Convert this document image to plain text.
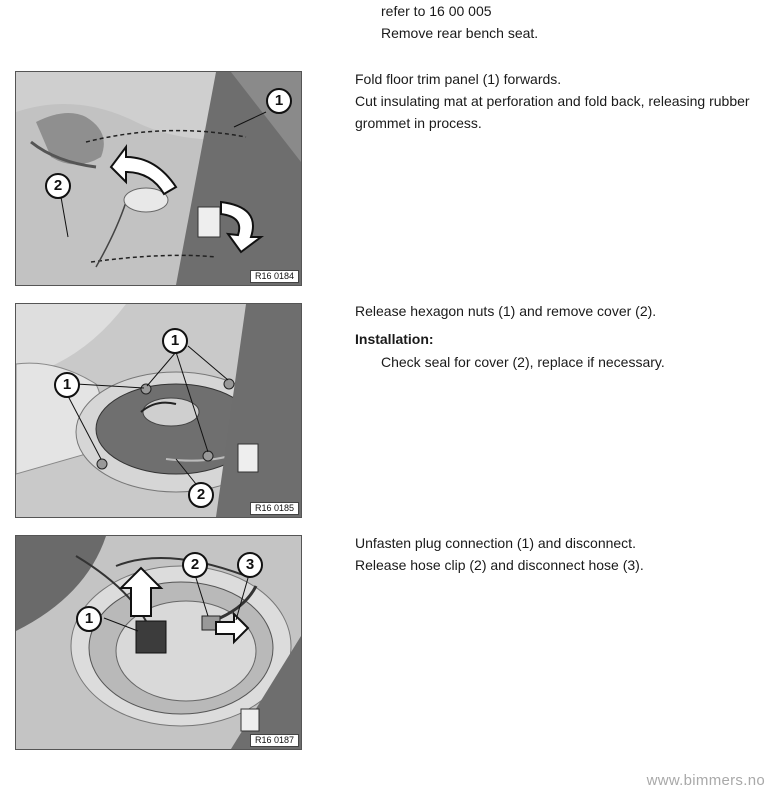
refer to 16 00 005
Remove rear bench seat.
1
2
R16 0184
Fold floor trim panel (1) forwards.
Cut insulating mat at perforation and fold back, releasing rubber grommet in process.
1
1
2
R16 0185
Release hexagon nuts (1) and remove cover (2).
Installation:
Check seal for cover (2), replace if necessary.
2	3
1
R16 0187
Unfasten plug connection (1) and disconnect.
Release hose clip (2) and disconnect hose (3).
www.bimmers.no
